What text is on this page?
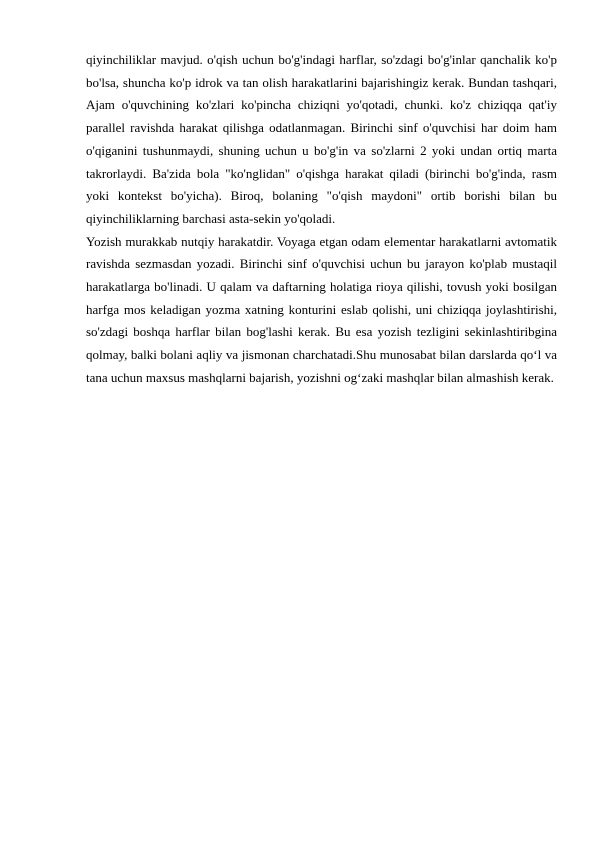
qiyinchiliklar mavjud. o'qish uchun bo'g'indagi harflar, so'zdagi bo'g'inlar qanchalik ko'p bo'lsa, shuncha ko'p idrok va tan olish harakatlarini bajarishingiz kerak. Bundan tashqari, Ajam o'quvchining ko'zlari ko'pincha chiziqni yo'qotadi, chunki. ko'z chiziqqa qat'iy parallel ravishda harakat qilishga odatlanmagan. Birinchi sinf o'quvchisi har doim ham o'qiganini tushunmaydi, shuning uchun u bo'g'in va so'zlarni 2 yoki undan ortiq marta takrorlaydi. Ba'zida bola "ko'nglidan" o'qishga harakat qiladi (birinchi bo'g'inda, rasm yoki kontekst bo'yicha). Biroq, bolaning "o'qish maydoni" ortib borishi bilan bu qiyinchiliklarning barchasi asta-sekin yo'qoladi.

Yozish murakkab nutqiy harakatdir. Voyaga etgan odam elementar harakatlarni avtomatik ravishda sezmasdan yozadi. Birinchi sinf o'quvchisi uchun bu jarayon ko'plab mustaqil harakatlarga bo'linadi. U qalam va daftarning holatiga rioya qilishi, tovush yoki bosilgan harfga mos keladigan yozma xatning konturini eslab qolishi, uni chiziqqa joylashtirishi, so'zdagi boshqa harflar bilan bog'lashi kerak. Bu esa yozish tezligini sekinlashtiribgina qolmay, balki bolani aqliy va jismonan charchatadi.Shu munosabat bilan darslarda qo‘l va tana uchun maxsus mashqlarni bajarish, yozishni og‘zaki mashqlar bilan almashish kerak.
